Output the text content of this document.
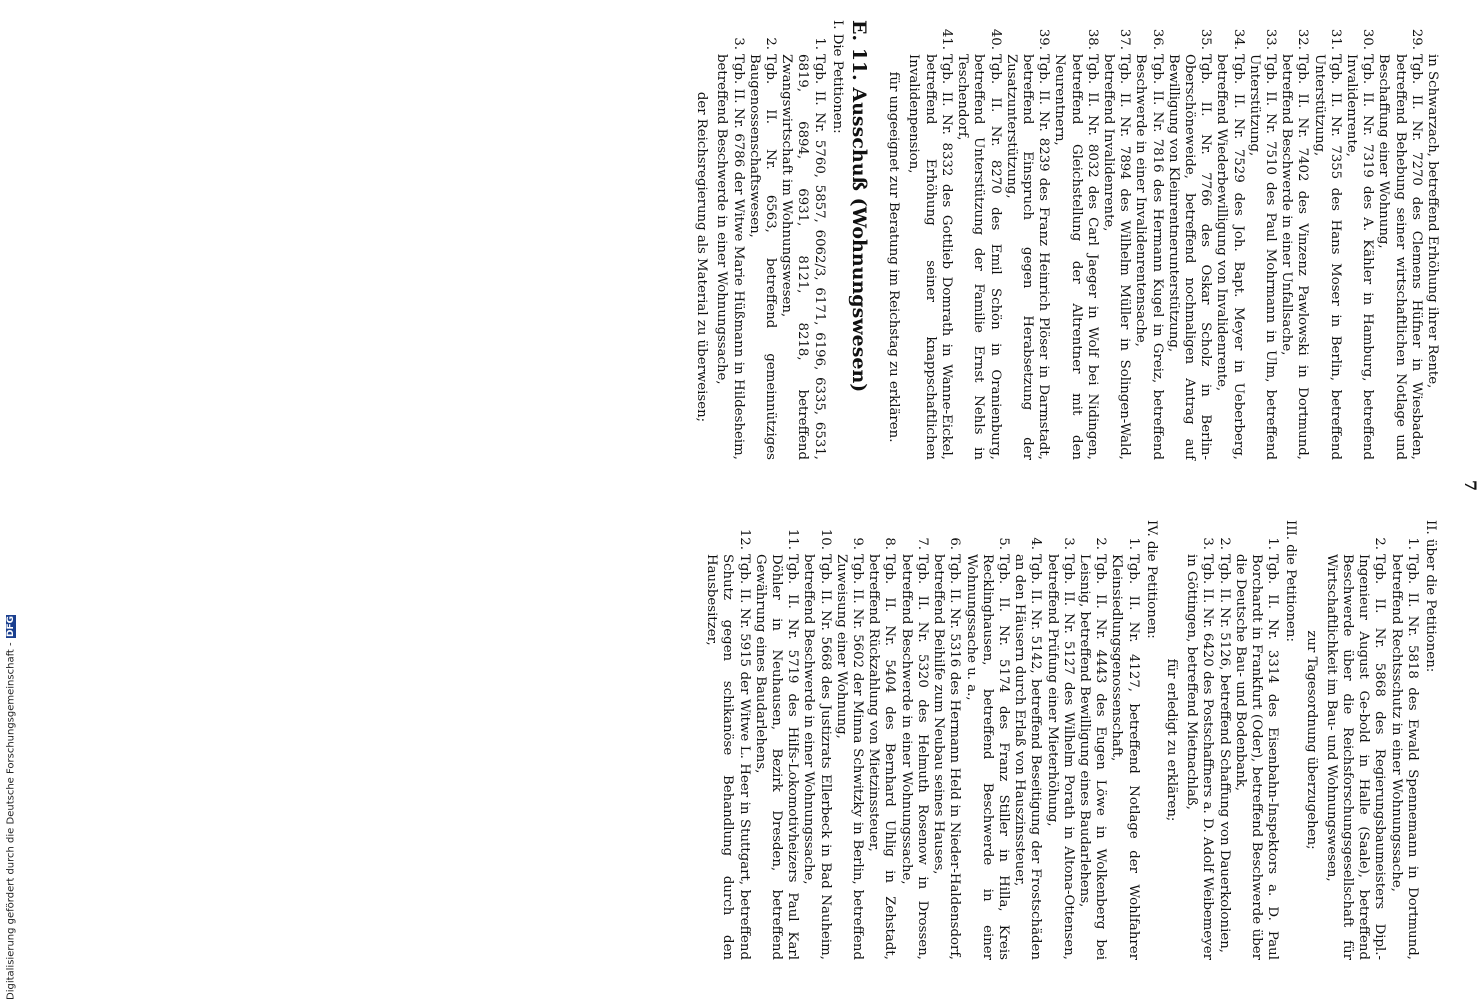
Digitalisierung gefördert durch die Deutsche Forschungsgemeinschaft -
DFG
7

in Schwarzach, betreffend Erhöhung ihrer Rente,

29.
Tgb. II. Nr. 7270 des Clemens Hüfner in Wiesbaden, betreffend Behebung seiner wirtschaftlichen Notlage und Beschaffung einer Wohnung,

30.
Tgb. II. Nr. 7319 des A. Kähler in Hamburg, betreffend Invalidenrente,

31.
Tgb. II. Nr. 7355 des Hans Moser in Berlin, betreffend Unterstützung,

32.
Tgb. II. Nr. 7402 des Vinzenz Pawlowski in Dortmund, betreffend Beschwerde in einer Unfallsache,

33.
Tgb. II. Nr. 7510 des Paul Mohrmann in Ulm, betreffend Unterstützung,

34.
Tgb. II. Nr. 7529 des Joh. Bapt. Meyer in Ueberberg, betreffend Wiederbewilligung von Invalidenrente,

35.
Tgb. II. Nr. 7766 des Oskar Scholz in Berlin-Oberschöneweide, betreffend nochmaligen Antrag auf Bewilligung von Kleinrentnerunterstützung,

36.
Tgb. II. Nr. 7816 des Hermann Kugel in Greiz, betreffend Beschwerde in einer Invalidenrentensache,

37.
Tgb. II. Nr. 7894 des Wilhelm Müller in Solingen-Wald, betreffend Invalidenrente,

38.
Tgb. II. Nr. 8032 des Carl Jaeger in Wolf bei Nidingen, betreffend Gleichstellung der Altrentner mit den Neurentnern,

39.
Tgb. II. Nr. 8239 des Franz Heinrich Plöser in Darmstadt, betreffend Einspruch gegen Herabsetzung der Zusatzunterstützung,

40.
Tgb. II. Nr. 8270 des Emil Schön in Oranienburg, betreffend Unterstützung der Familie Ernst Nehls in Teschendorf,

41.
Tgb. II. Nr. 8332 des Gottlieb Domrath in Wanne-Eickel, betreffend Erhöhung seiner knappschaftlichen Invalidenpension,

für ungeeignet zur Beratung im Reichstag zu erklären.

E. 11. Ausschuß (Wohnungswesen)

I. Die Petitionen:

1.
Tgb. II. Nr. 5760, 5857, 6062/3, 6171, 6196, 6335, 6531, 6819, 6894, 6931, 8121, 8218, betreffend Zwangswirtschaft im Wohnungswesen,

2.
Tgb. II. Nr. 6563, betreffend gemeinnütziges Baugenossenschaftswesen,

3.
Tgb. II. Nr. 6786 der Witwe Marie Hüßmann in Hildesheim, betreffend Beschwerde in einer Wohnungssache,

der Reichsregierung als Material zu überweisen;

II. über die Petitionen:

1.
Tgb. II. Nr. 5818 des Ewald Spennemann in Dortmund, betreffend Rechtsschutz in einer Wohnungssache,

2.
Tgb. II. Nr. 5868 des Regierungsbaumeisters Dipl.-Ingenieur August Ge-bold in Halle (Saale), betreffend Beschwerde über die Reichsforschungsgesellschaft für Wirtschaftlichkeit im Bau- und Wohnungswesen,

zur Tagesordnung überzugehen;

III. die Petitionen:

1.
Tgb. II. Nr. 3314 des Eisenbahn-Inspektors a. D. Paul Borchardt in Frankfurt (Oder), betreffend Beschwerde über die Deutsche Bau- und Bodenbank,

2.
Tgb. II. Nr. 5126, betreffend Schaffung von Dauerkolonien,

3.
Tgb. II. Nr. 6420 des Postschaffners a. D. Adolf Weibemeyer in Göttingen, betreffend Mietnachlaß,

für erledigt zu erklären;

IV. die Petitionen:

1.
Tgb. II. Nr. 4127, betreffend Notlage der Wohlfahrer Kleinsiedlungsgenossenschaft,

2.
Tgb. II. Nr. 4443 des Eugen Löwe in Wolkenberg bei Leisnig, betreffend Bewilligung eines Baudarlehens,

3.
Tgb. II. Nr. 5127 des Wilhelm Porath in Altona-Ottensen, betreffend Prüfung einer Mieterhöhung,

4.
Tgb. II. Nr. 5142, betreffend Beseitigung der Frostschäden an den Häusern durch Erlaß von Hauszinssteuer,

5.
Tgb. II. Nr. 5174 des Franz Stiller in Hilla, Kreis Recklinghausen, betreffend Beschwerde in einer Wohnungssache u. a.,

6.
Tgb. II. Nr. 5316 des Hermann Held in Nieder-Haldensdorf, betreffend Beihilfe zum Neubau seines Hauses,

7.
Tgb. II. Nr. 5320 des Helmuth Rosenow in Drossen, betreffend Beschwerde in einer Wohnungssache,

8.
Tgb. II. Nr. 5404 des Bernhard Uhlig in Zehstadt, betreffend Rückzahlung von Mietzinssteuer,

9.
Tgb. II. Nr. 5602 der Minna Schwitzky in Berlin, betreffend Zuweisung einer Wohnung,

10.
Tgb. II. Nr. 5668 des Justizrats Ellerbeck in Bad Nauheim, betreffend Beschwerde in einer Wohnungssache,

11.
Tgb. II. Nr. 5719 des Hilfs-Lokomotivheizers Paul Karl Döhler in Neuhausen, Bezirk Dresden, betreffend Gewährung eines Baudarlehens,

12.
Tgb. II. Nr. 5915 der Witwe L. Heer in Stuttgart, betreffend Schutz gegen schikanöse Behandlung durch den Hausbesitzer,
